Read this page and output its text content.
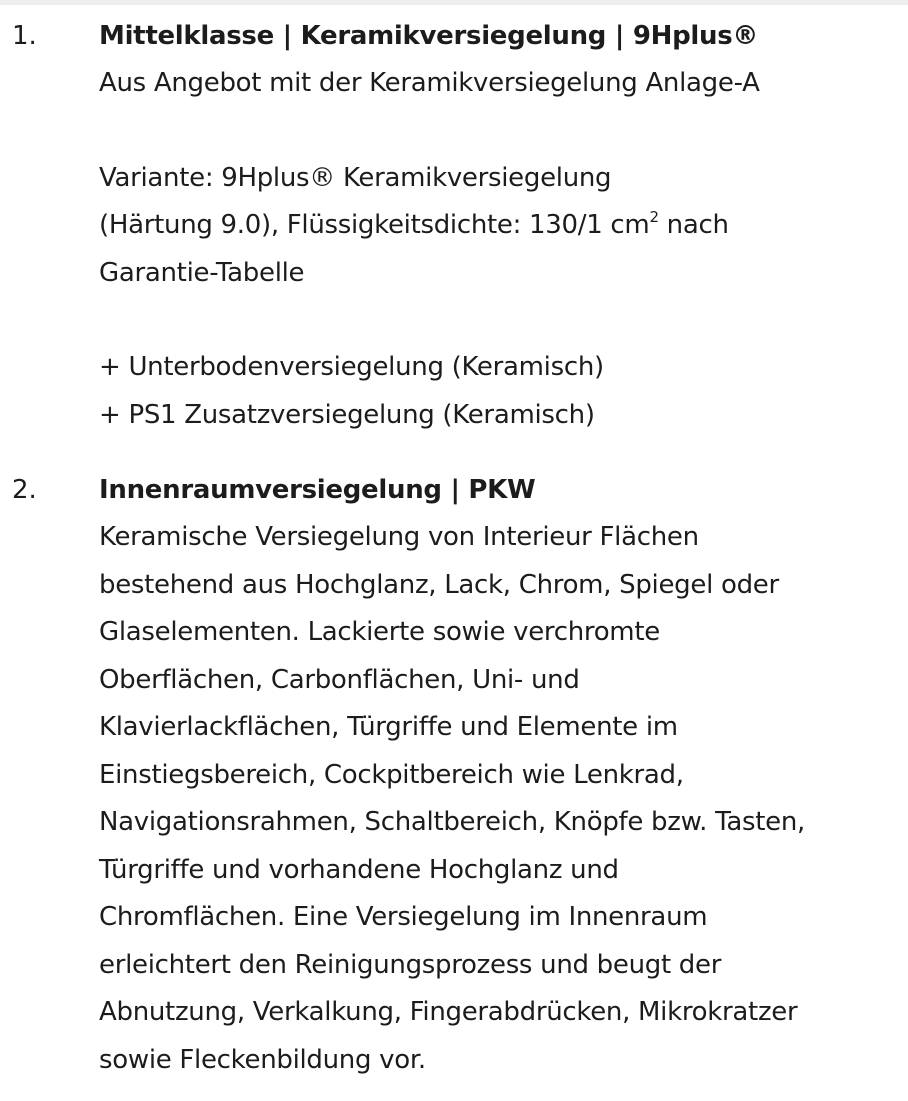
1. Mittelklasse | Keramikversiegelung | 9Hplus®
Aus Angebot mit der Keramikversiegelung Anlage-A
Variante: 9Hplus® Keramikversiegelung
(Härtung 9.0), Flüssigkeitsdichte: 130/1 $cm^2$ nach
Garantie-Tabelle
+ Unterbodenversiegelung (Keramisch)
+ PS1 Zusatzversiegelung (Keramisch)
2. Innenraumversiegelung | PKW
Keramische Versiegelung von Interieur Flächen
bestehend aus Hochglanz, Lack, Chrom, Spiegel oder
Glaselementen. Lackierte sowie verchromte
Oberflächen, Carbonflächen, Uni- und
Klavierlackflächen, Türgriffe und Elemente im
Einstiegsbereich, Cockpitbereich wie Lenkrad,
Navigationsrahmen, Schaltbereich, Knöpfe bzw. Tasten,
Türgriffe und vorhandene Hochglanz und
Chromflächen. Eine Versiegelung im Innenraum
erleichtert den Reinigungsprozess und beugt der
Abnutzung, Verkalkung, Fingerabdrücken, Mikrokratzer
sowie Fleckenbildung vor.
